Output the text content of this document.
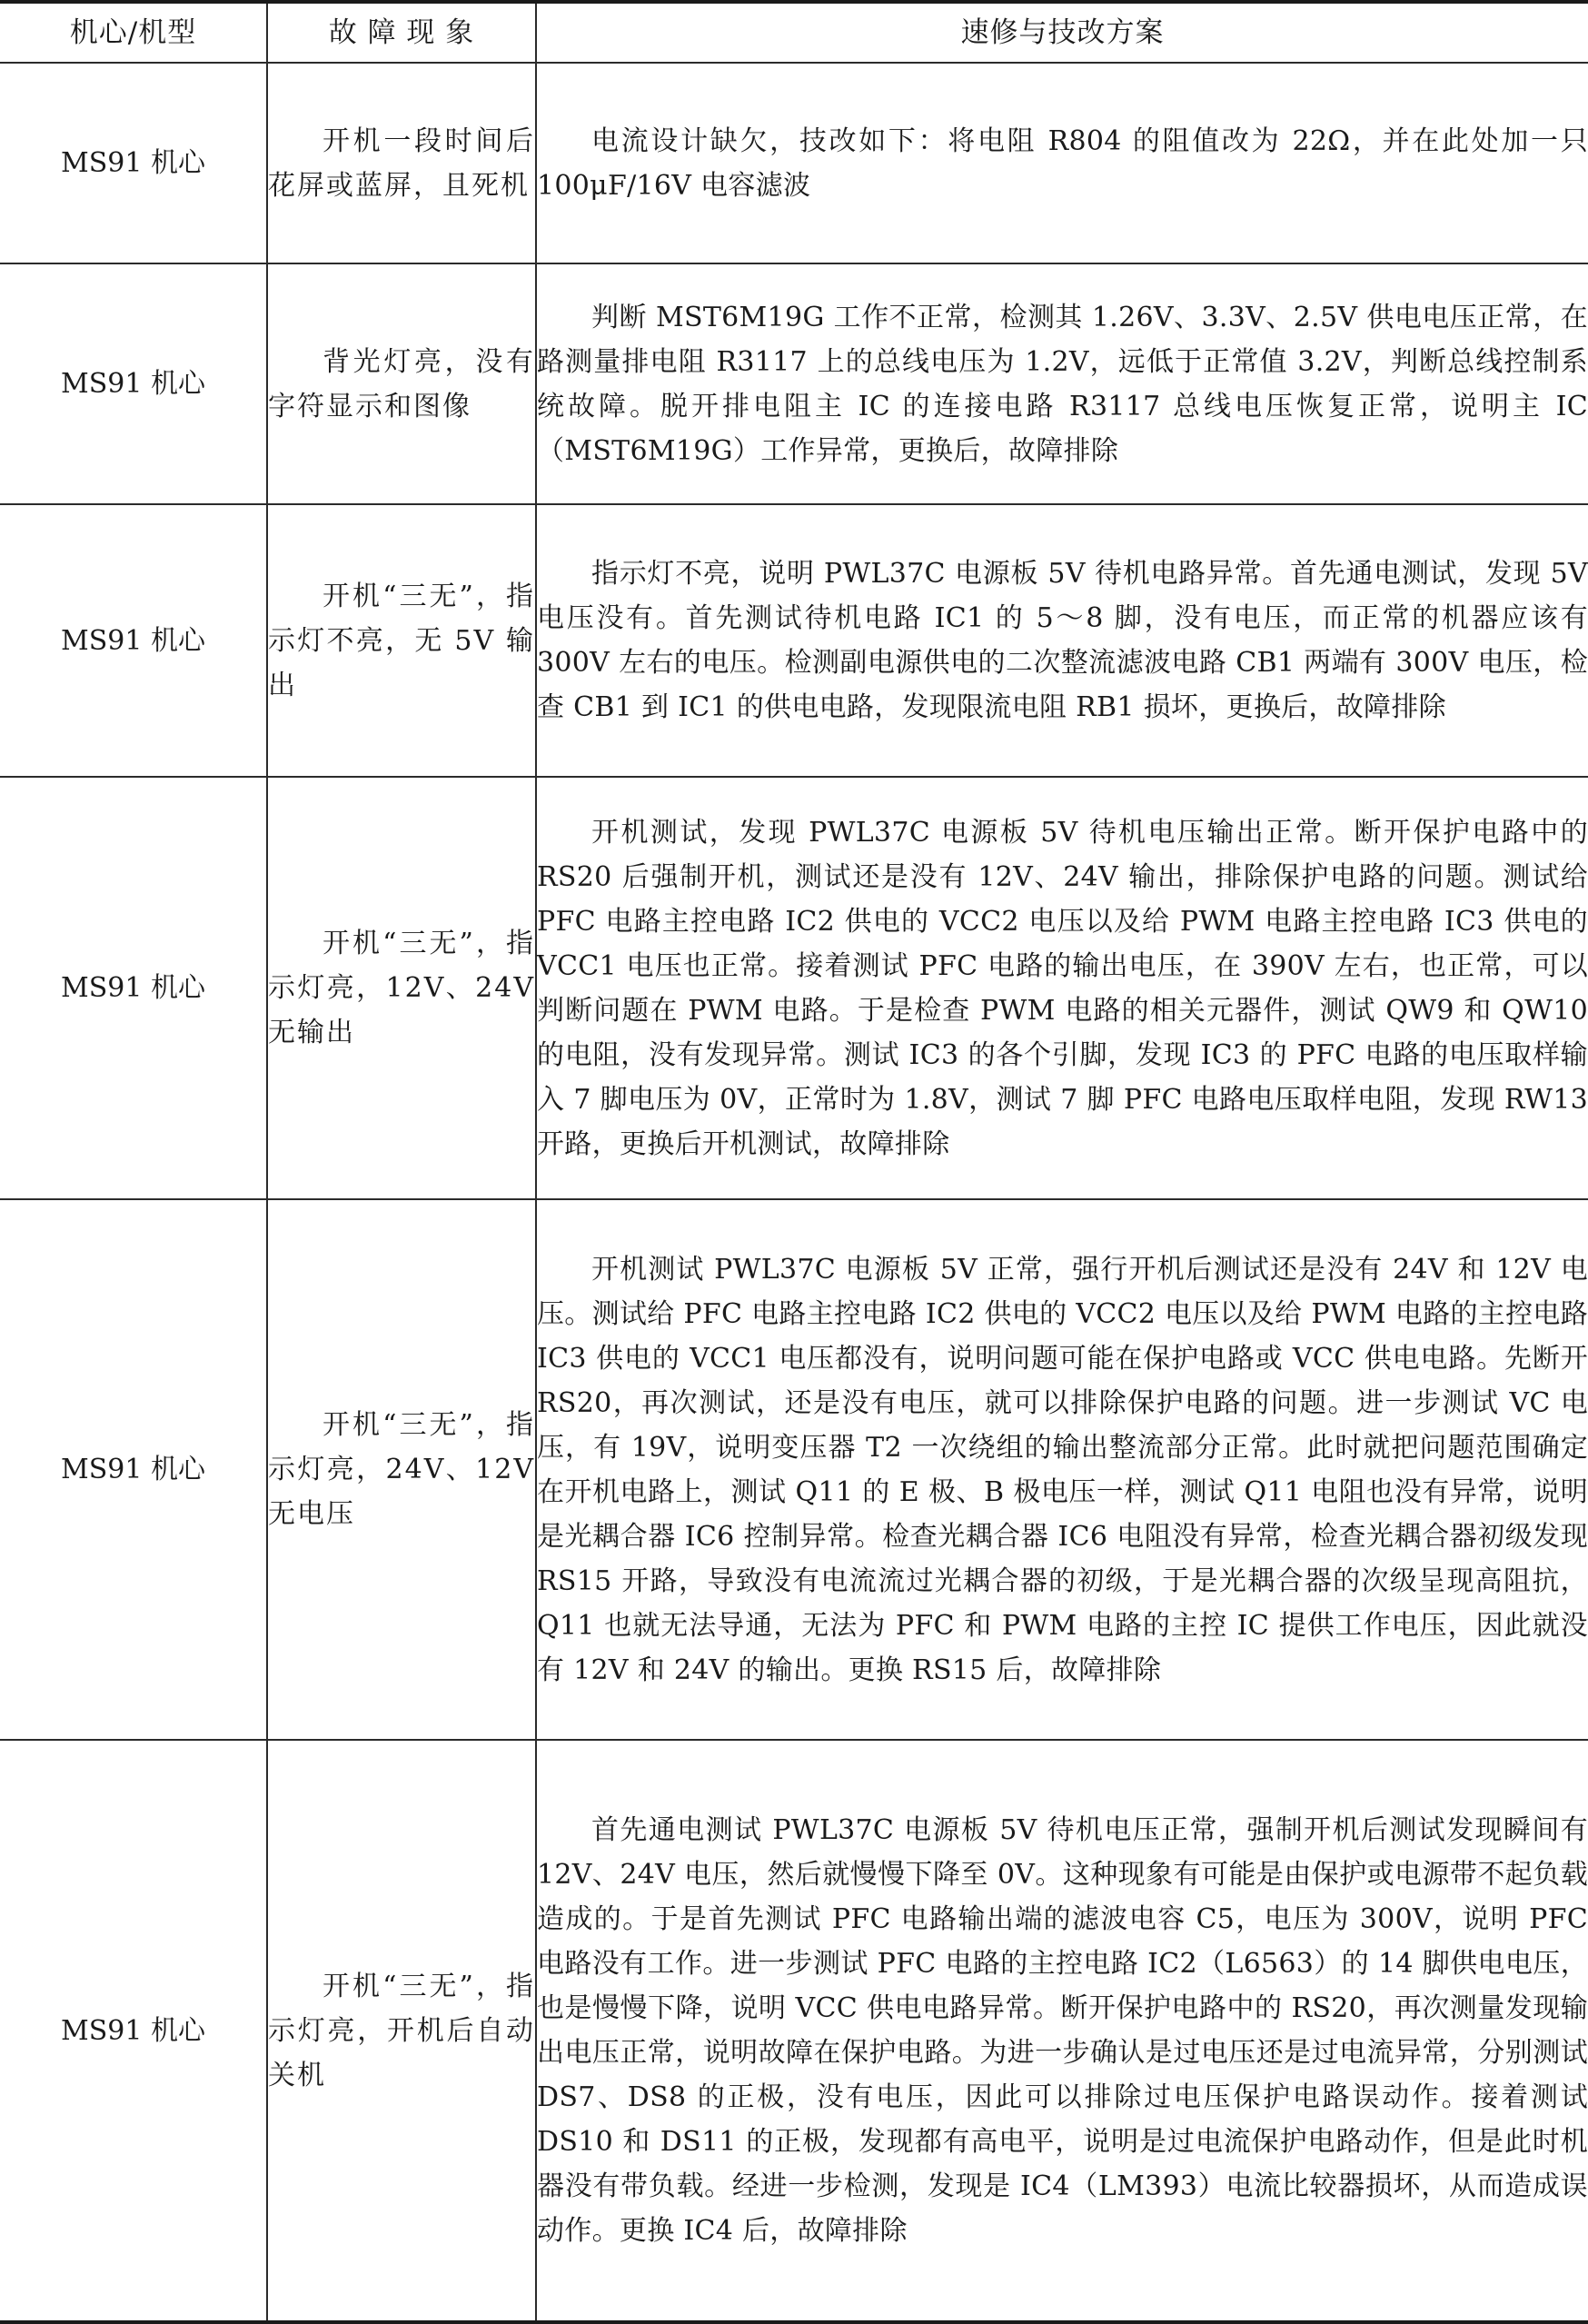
机心/机型	故 障 现 象	速修与技改方案
MS91 机心	开机一段时间后花屏或蓝屏，且死机	电流设计缺欠，技改如下：将电阻 R804 的阻值改为 22Ω，并在此处加一只 100μF/16V 电容滤波
MS91 机心	背光灯亮，没有字符显示和图像	判断 MST6M19G 工作不正常，检测其 1.26V、3.3V、2.5V 供电电压正常，在路测量排电阻 R3117 上的总线电压为 1.2V，远低于正常值 3.2V，判断总线控制系统故障。脱开排电阻主 IC 的连接电路 R3117 总线电压恢复正常，说明主 IC（MST6M19G）工作异常，更换后，故障排除
MS91 机心	开机“三无”，指示灯不亮，无 5V 输出	指示灯不亮，说明 PWL37C 电源板 5V 待机电路异常。首先通电测试，发现 5V 电压没有。首先测试待机电路 IC1 的 5～8 脚，没有电压，而正常的机器应该有 300V 左右的电压。检测副电源供电的二次整流滤波电路 CB1 两端有 300V 电压，检查 CB1 到 IC1 的供电电路，发现限流电阻 RB1 损坏，更换后，故障排除
MS91 机心	开机“三无”，指示灯亮，12V、24V 无输出	开机测试，发现 PWL37C 电源板 5V 待机电压输出正常。断开保护电路中的 RS20 后强制开机，测试还是没有 12V、24V 输出，排除保护电路的问题。测试给 PFC 电路主控电路 IC2 供电的 VCC2 电压以及给 PWM 电路主控电路 IC3 供电的 VCC1 电压也正常。接着测试 PFC 电路的输出电压，在 390V 左右，也正常，可以判断问题在 PWM 电路。于是检查 PWM 电路的相关元器件，测试 QW9 和 QW10 的电阻，没有发现异常。测试 IC3 的各个引脚，发现 IC3 的 PFC 电路的电压取样输入 7 脚电压为 0V，正常时为 1.8V，测试 7 脚 PFC 电路电压取样电阻，发现 RW13 开路，更换后开机测试，故障排除
MS91 机心	开机“三无”，指示灯亮，24V、12V 无电压	开机测试 PWL37C 电源板 5V 正常，强行开机后测试还是没有 24V 和 12V 电压。测试给 PFC 电路主控电路 IC2 供电的 VCC2 电压以及给 PWM 电路的主控电路 IC3 供电的 VCC1 电压都没有，说明问题可能在保护电路或 VCC 供电电路。先断开 RS20，再次测试，还是没有电压，就可以排除保护电路的问题。进一步测试 VC 电压，有 19V，说明变压器 T2 一次绕组的输出整流部分正常。此时就把问题范围确定在开机电路上，测试 Q11 的 E 极、B 极电压一样，测试 Q11 电阻也没有异常，说明是光耦合器 IC6 控制异常。检查光耦合器 IC6 电阻没有异常，检查光耦合器初级发现 RS15 开路，导致没有电流流过光耦合器的初级，于是光耦合器的次级呈现高阻抗，Q11 也就无法导通，无法为 PFC 和 PWM 电路的主控 IC 提供工作电压，因此就没有 12V 和 24V 的输出。更换 RS15 后，故障排除
MS91 机心	开机“三无”，指示灯亮，开机后自动关机	首先通电测试 PWL37C 电源板 5V 待机电压正常，强制开机后测试发现瞬间有 12V、24V 电压，然后就慢慢下降至 0V。这种现象有可能是由保护或电源带不起负载造成的。于是首先测试 PFC 电路输出端的滤波电容 C5，电压为 300V，说明 PFC 电路没有工作。进一步测试 PFC 电路的主控电路 IC2（L6563）的 14 脚供电电压，也是慢慢下降，说明 VCC 供电电路异常。断开保护电路中的 RS20，再次测量发现输出电压正常，说明故障在保护电路。为进一步确认是过电压还是过电流异常，分别测试 DS7、DS8 的正极，没有电压，因此可以排除过电压保护电路误动作。接着测试 DS10 和 DS11 的正极，发现都有高电平，说明是过电流保护电路动作，但是此时机器没有带负载。经进一步检测，发现是 IC4（LM393）电流比较器损坏，从而造成误动作。更换 IC4 后，故障排除
